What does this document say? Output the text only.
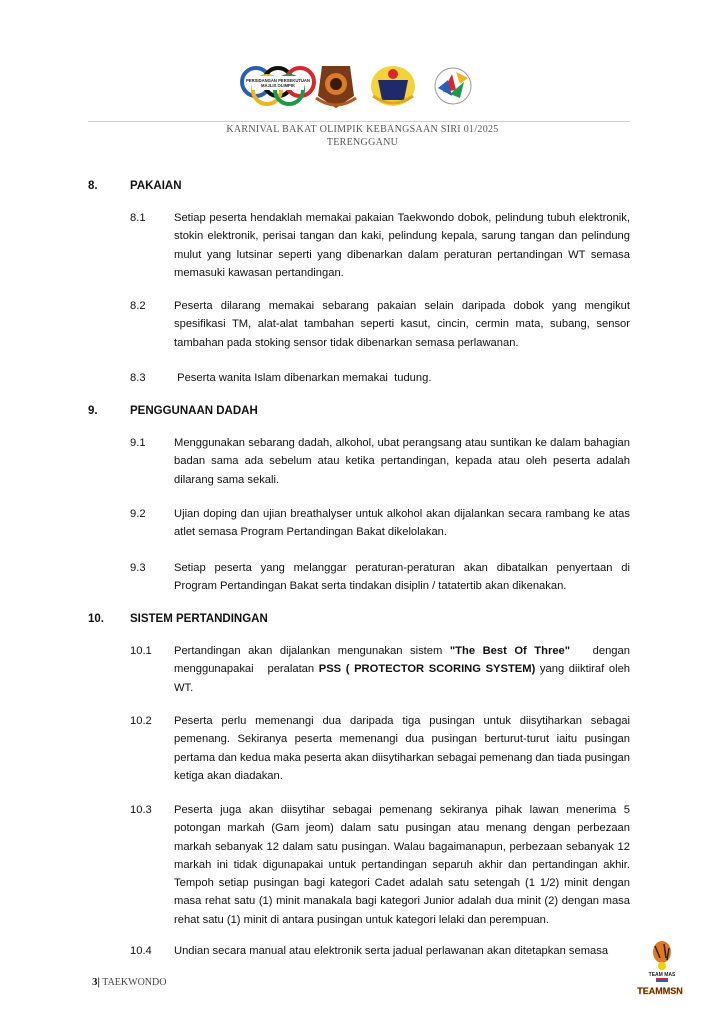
PERSIDANGAN PERSEKUTUAN MAJLIS OLIMPIK
KARNIVAL BAKAT OLIMPIK KEBANGSAAN SIRI 01/2025
TERENGGANU
8.	PAKAIAN
8.1	Setiap peserta hendaklah memakai pakaian Taekwondo dobok, pelindung tubuh elektronik, stokin elektronik, perisai tangan dan kaki, pelindung kepala, sarung tangan dan pelindung mulut yang lutsinar seperti yang dibenarkan dalam peraturan pertandingan WT semasa memasuki kawasan pertandingan.
8.2	Peserta dilarang memakai sebarang pakaian selain daripada dobok yang mengikut spesifikasi TM, alat-alat tambahan seperti kasut, cincin, cermin mata, subang, sensor tambahan pada stoking sensor tidak dibenarkan semasa perlawanan.
8.3	Peserta wanita Islam dibenarkan memakai  tudung.
9.	PENGGUNAAN DADAH
9.1	Menggunakan sebarang dadah, alkohol, ubat perangsang atau suntikan ke dalam bahagian badan sama ada sebelum atau ketika pertandingan, kepada atau oleh peserta adalah dilarang sama sekali.
9.2	Ujian doping dan ujian breathalyser untuk alkohol akan dijalankan secara rambang ke atas atlet semasa Program Pertandingan Bakat dikelolakan.
9.3	Setiap peserta yang melanggar peraturan-peraturan akan dibatalkan penyertaan di Program Pertandingan Bakat serta tindakan disiplin / tatatertib akan dikenakan.
10. SISTEM PERTANDINGAN
10.1 Pertandingan akan dijalankan mengunakan sistem "The Best Of Three"   dengan menggunapakai   peralatan PSS ( PROTECTOR SCORING SYSTEM) yang diiktiraf oleh WT.
10.2 Peserta perlu memenangi dua daripada tiga pusingan untuk diisytiharkan sebagai pemenang. Sekiranya peserta memenangi dua pusingan berturut-turut iaitu pusingan pertama dan kedua maka peserta akan diisytiharkan sebagai pemenang dan tiada pusingan ketiga akan diadakan.
10.3 Peserta juga akan diisytihar sebagai pemenang sekiranya pihak lawan menerima 5 potongan markah (Gam jeom) dalam satu pusingan atau menang dengan perbezaan markah sebanyak 12 dalam satu pusingan. Walau bagaimanapun, perbezaan sebanyak 12 markah ini tidak digunapakai untuk pertandingan separuh akhir dan pertandingan akhir. Tempoh setiap pusingan bagi kategori Cadet adalah satu setengah (1 1/2) minit dengan masa rehat satu (1) minit manakala bagi kategori Junior adalah dua minit (2) dengan masa rehat satu (1) minit di antara pusingan untuk kategori lelaki dan perempuan.
10.4 Undian secara manual atau elektronik serta jadual perlawanan akan ditetapkan semasa
3| TAEKWONDO
TEAM MAS
TEAMMSN
